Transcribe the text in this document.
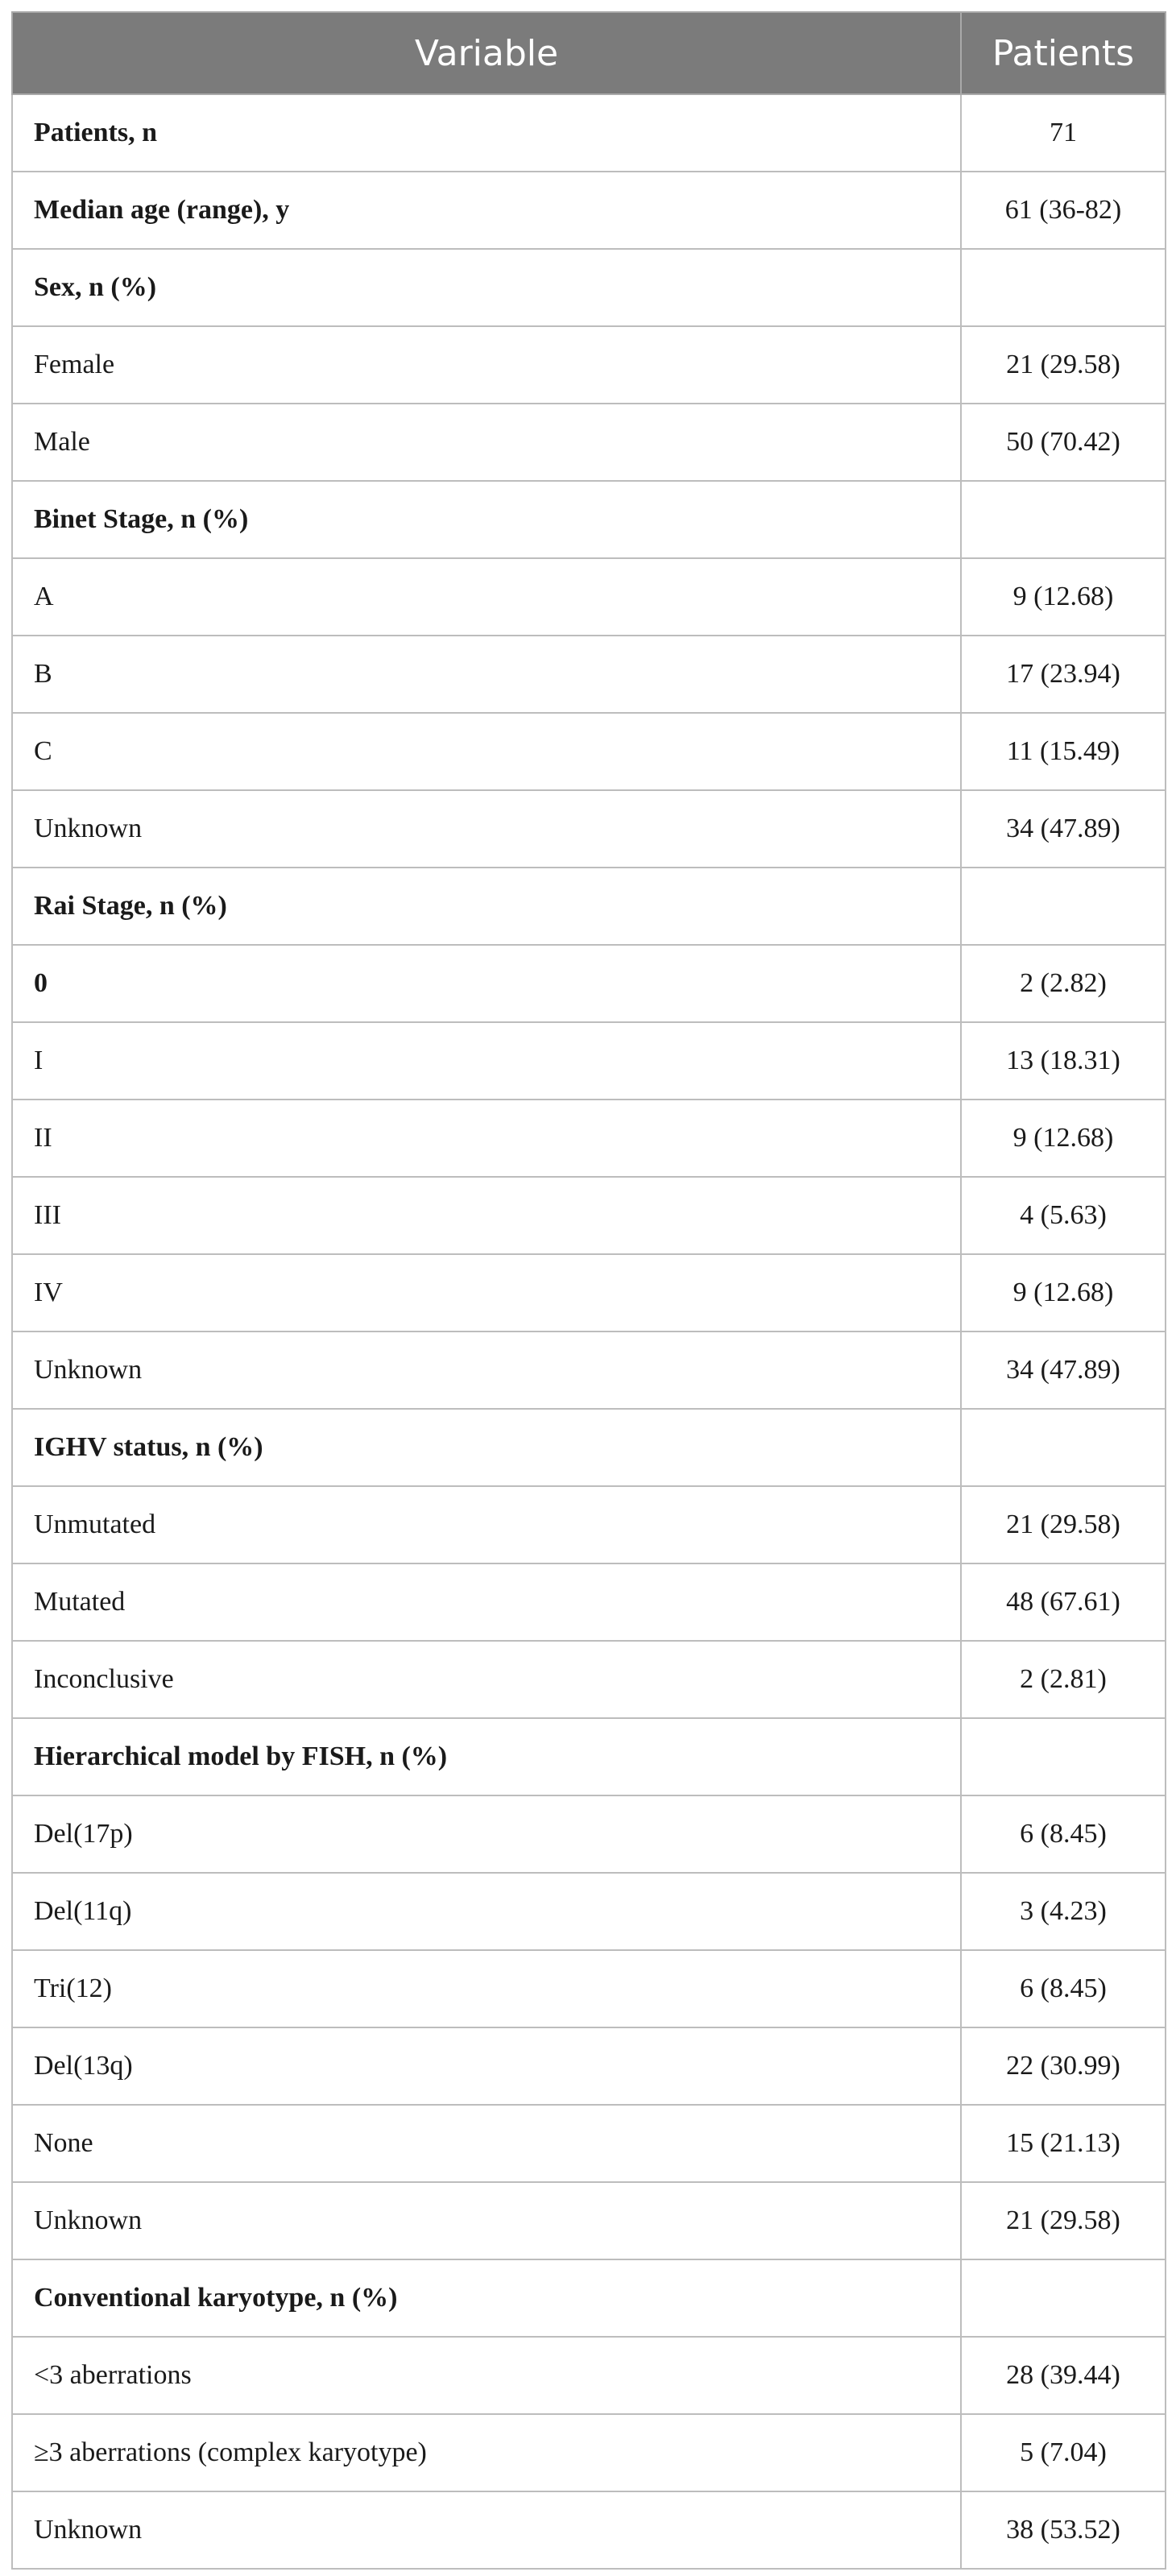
Variable	Patients
Patients, n	71
Median age (range), y	61 (36-82)
Sex, n (%)	
Female	21 (29.58)
Male	50 (70.42)
Binet Stage, n (%)	
A	9 (12.68)
B	17 (23.94)
C	11 (15.49)
Unknown	34 (47.89)
Rai Stage, n (%)	
0	2 (2.82)
I	13 (18.31)
II	9 (12.68)
III	4 (5.63)
IV	9 (12.68)
Unknown	34 (47.89)
IGHV status, n (%)	
Unmutated	21 (29.58)
Mutated	48 (67.61)
Inconclusive	2 (2.81)
Hierarchical model by FISH, n (%)	
Del(17p)	6 (8.45)
Del(11q)	3 (4.23)
Tri(12)	6 (8.45)
Del(13q)	22 (30.99)
None	15 (21.13)
Unknown	21 (29.58)
Conventional karyotype, n (%)	
<3 aberrations	28 (39.44)
≥3 aberrations (complex karyotype)	5 (7.04)
Unknown	38 (53.52)
